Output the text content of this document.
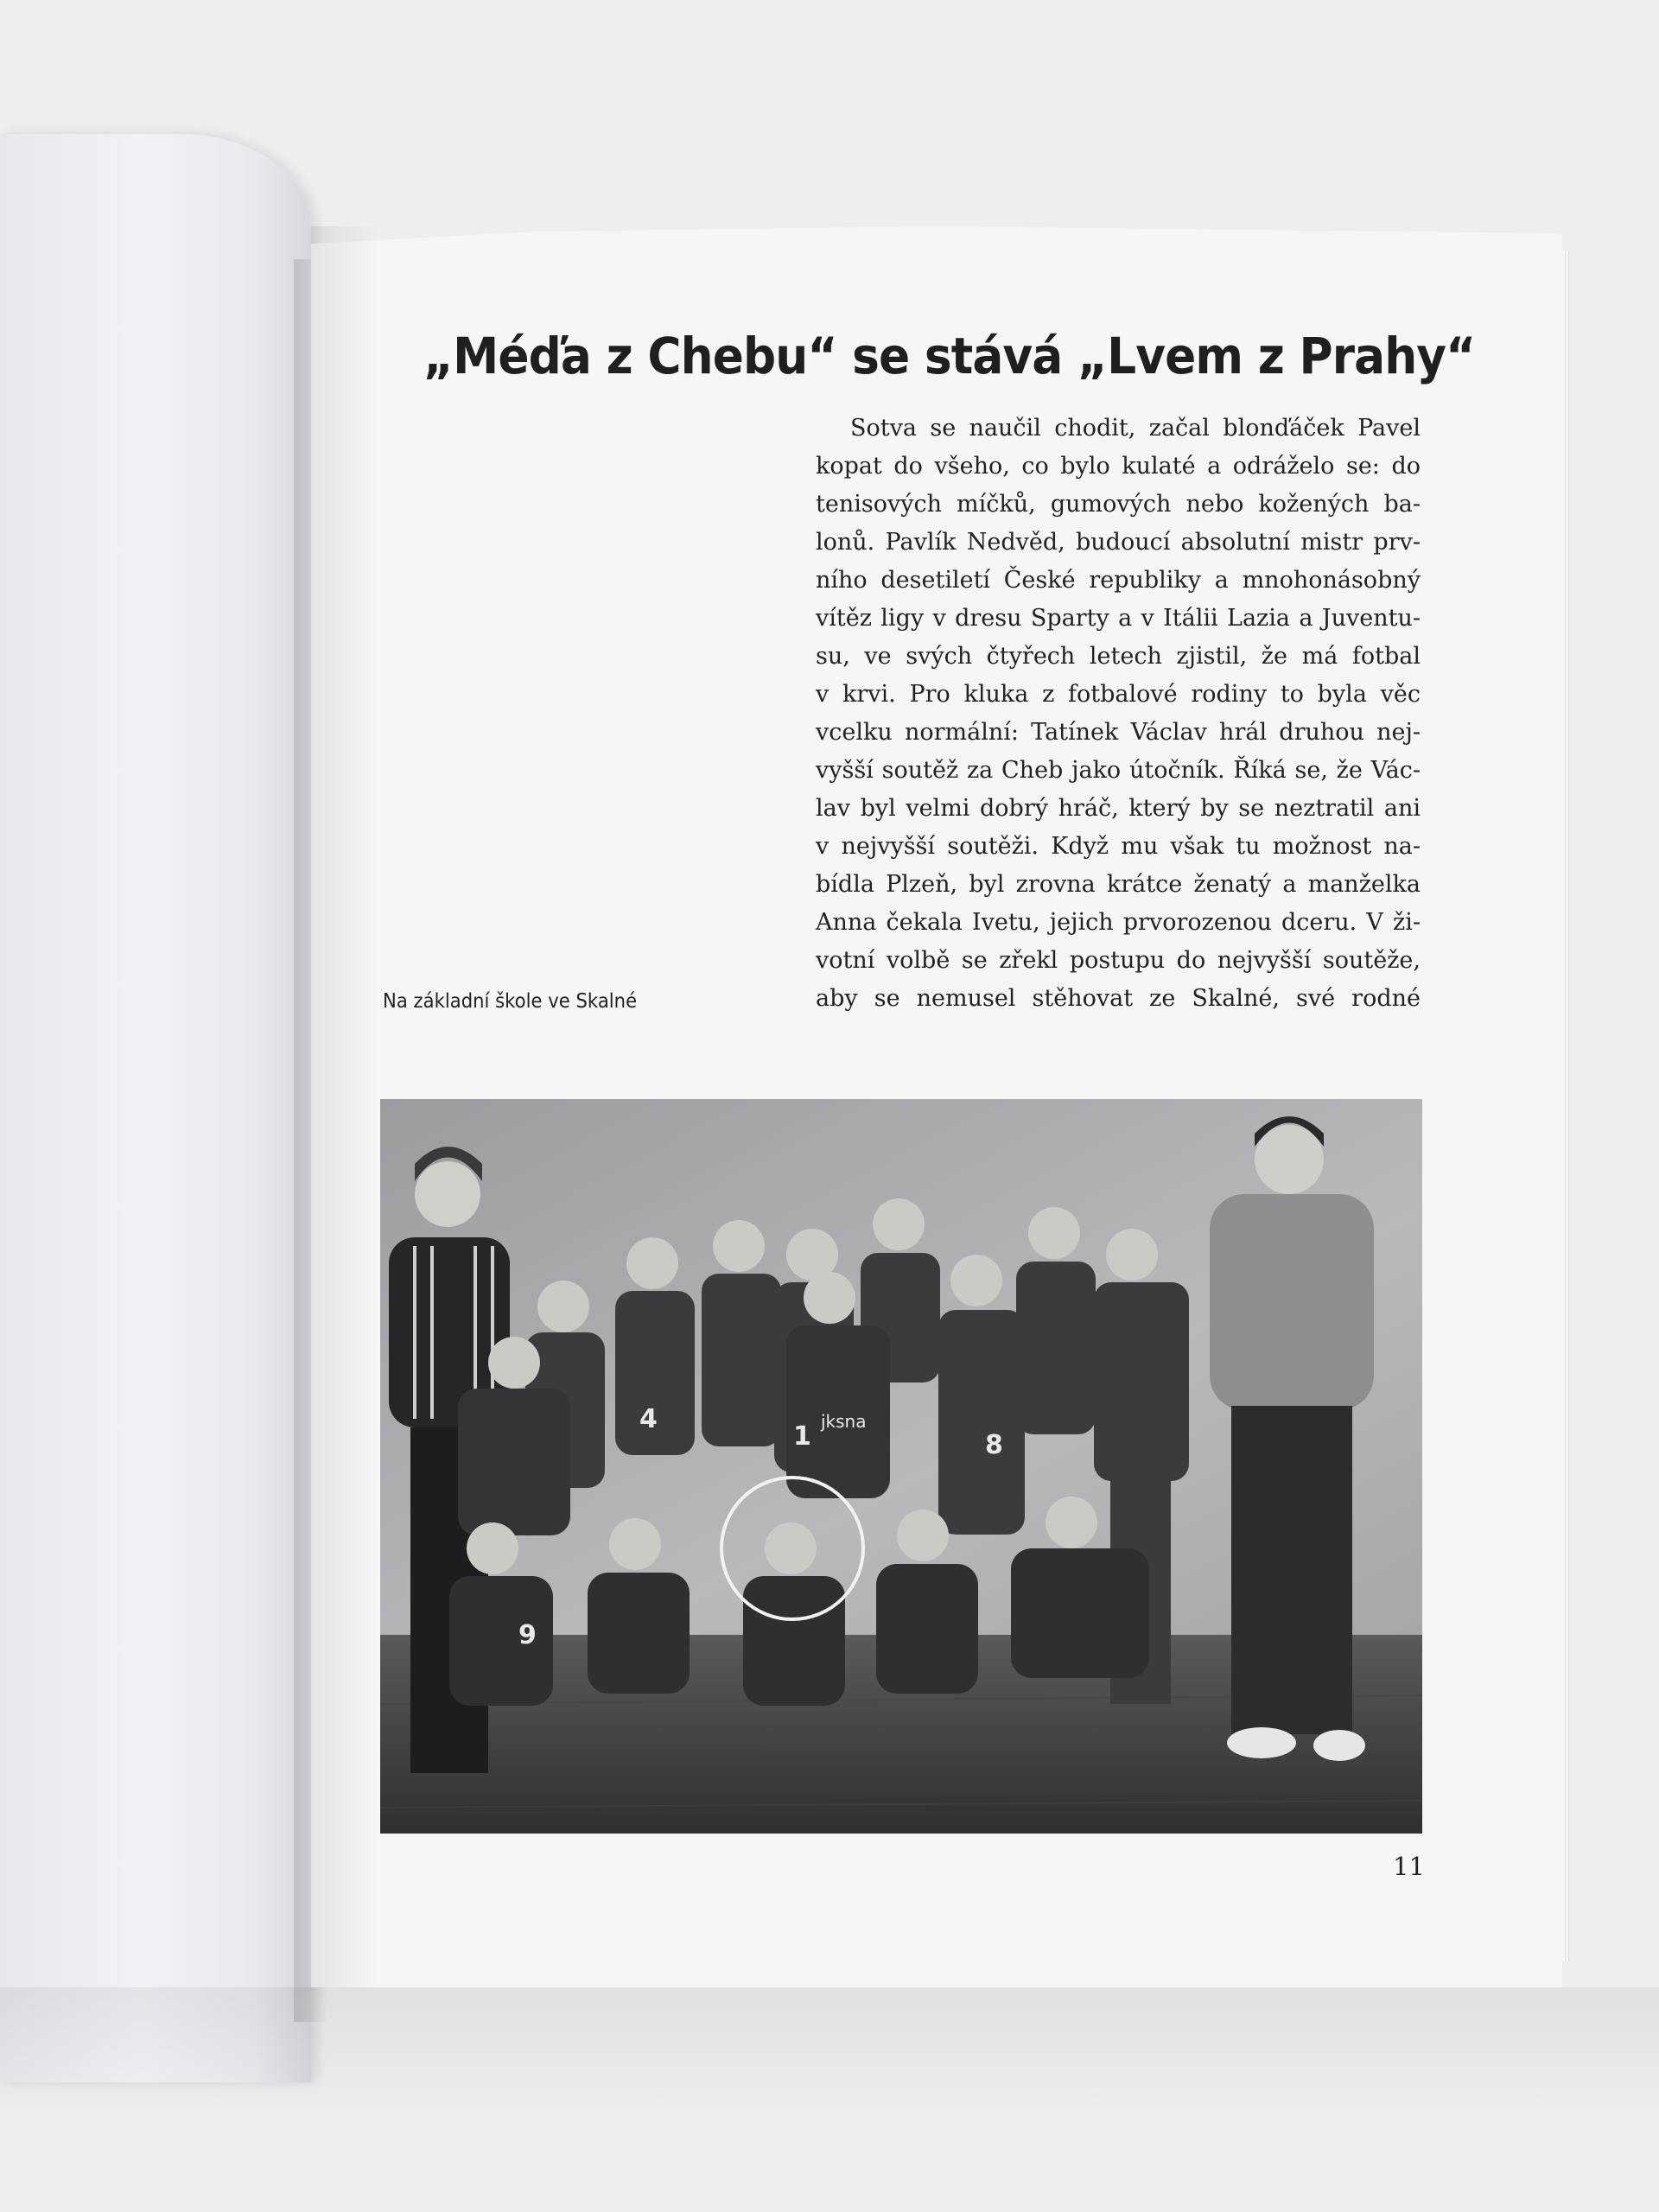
„Méďa z Chebu“ se stává „Lvem z Prahy“
Sotva se naučil chodit, začal blonďáček Pavel
kopat do všeho, co bylo kulaté a odráželo se: do
tenisových míčků, gumových nebo kožených ba-
lonů. Pavlík Nedvěd, budoucí absolutní mistr prv-
ního desetiletí České republiky a mnohonásobný
vítěz ligy v dresu Sparty a v Itálii Lazia a Juventu-
su, ve svých čtyřech letech zjistil, že má fotbal
v krvi. Pro kluka z fotbalové rodiny to byla věc
vcelku normální: Tatínek Václav hrál druhou nej-
vyšší soutěž za Cheb jako útočník. Říká se, že Vác-
lav byl velmi dobrý hráč, který by se neztratil ani
v nejvyšší soutěži. Když mu však tu možnost na-
bídla Plzeň, byl zrovna krátce ženatý a manželka
Anna čekala Ivetu, jejich prvorozenou dceru. V ži-
votní volbě se zřekl postupu do nejvyšší soutěže,
aby se nemusel stěhovat ze Skalné, své rodné
Na základní škole ve Skalné
1
4
8
9
jksna
11
